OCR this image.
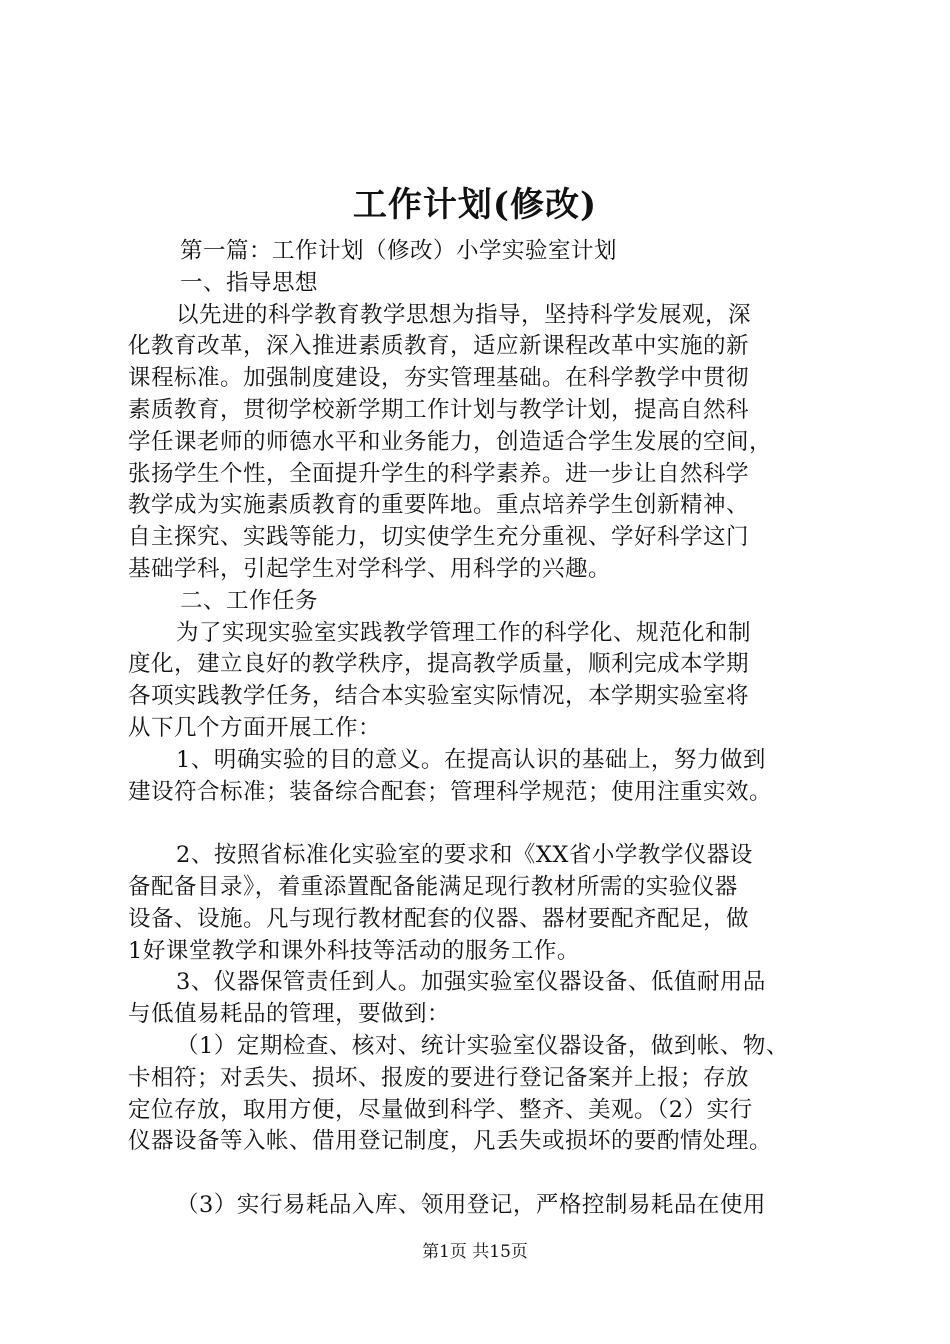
工作计划(修改)

第一篇：工作计划（修改）小学实验室计划

一、指导思想

以先进的科学教育教学思想为指导，坚持科学发展观，深

化教育改革，深入推进素质教育，适应新课程改革中实施的新

课程标准。加强制度建设，夯实管理基础。在科学教学中贯彻

素质教育，贯彻学校新学期工作计划与教学计划，提高自然科

学任课老师的师德水平和业务能力，创造适合学生发展的空间，

张扬学生个性，全面提升学生的科学素养。进一步让自然科学

教学成为实施素质教育的重要阵地。重点培养学生创新精神、

自主探究、实践等能力，切实使学生充分重视、学好科学这门

基础学科，引起学生对学科学、用科学的兴趣。

二、工作任务

为了实现实验室实践教学管理工作的科学化、规范化和制

度化，建立良好的教学秩序，提高教学质量，顺利完成本学期

各项实践教学任务，结合本实验室实际情况，本学期实验室将

从下几个方面开展工作：

1、明确实验的目的意义。在提高认识的基础上，努力做到

建设符合标准；装备综合配套；管理科学规范；使用注重实效。

2、按照省标准化实验室的要求和《XX省小学教学仪器设

备配备目录》，着重添置配备能满足现行教材所需的实验仪器

设备、设施。凡与现行教材配套的仪器、器材要配齐配足，做

1好课堂教学和课外科技等活动的服务工作。

3、仪器保管责任到人。加强实验室仪器设备、低值耐用品

与低值易耗品的管理，要做到：

（1）定期检查、核对、统计实验室仪器设备，做到帐、物、

卡相符；对丢失、损坏、报废的要进行登记备案并上报；存放

定位存放，取用方便，尽量做到科学、整齐、美观。（2）实行

仪器设备等入帐、借用登记制度，凡丢失或损坏的要酌情处理。

（3）实行易耗品入库、领用登记，严格控制易耗品在使用

第1页 共15页
